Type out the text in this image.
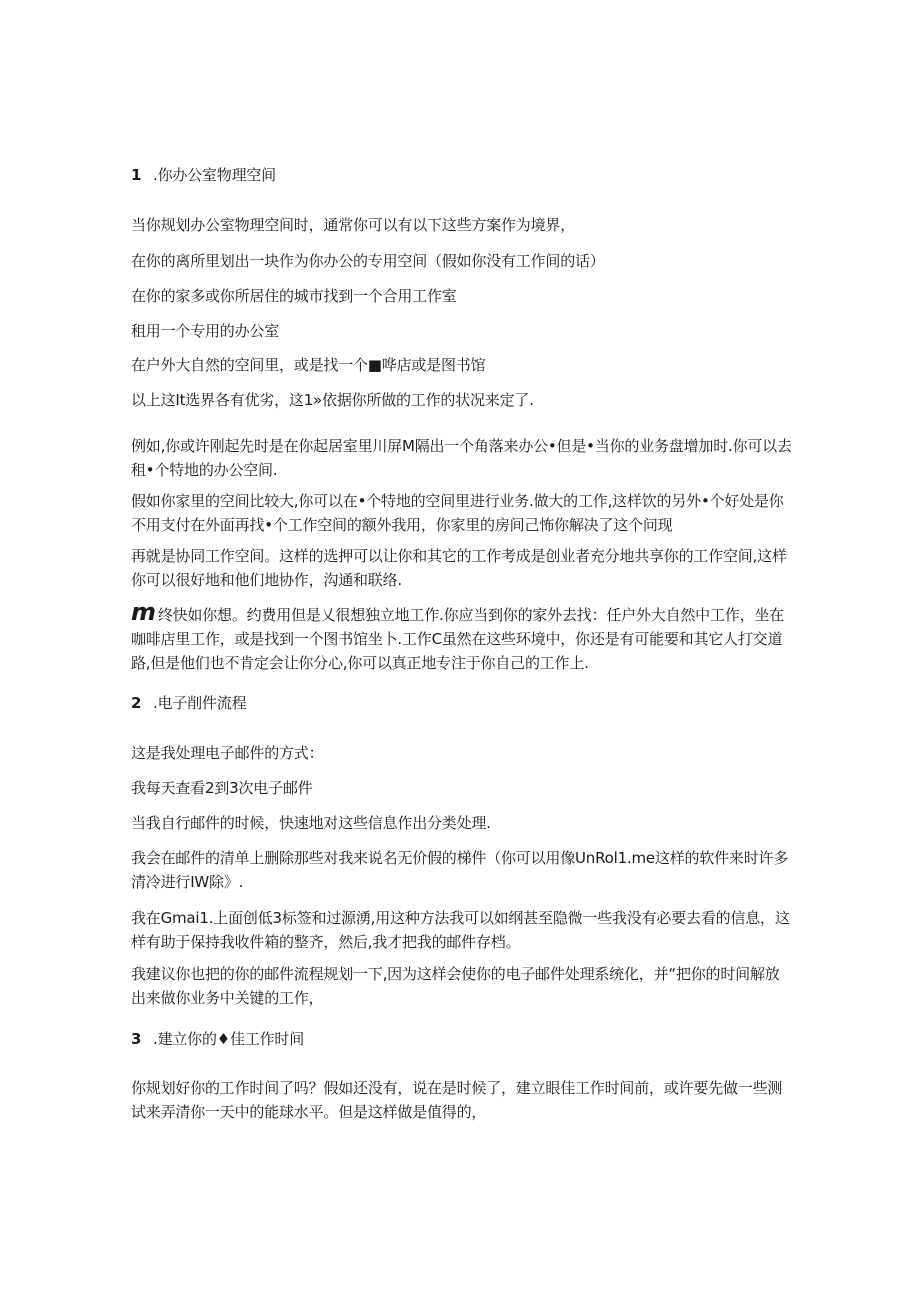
1 .你办公室物理空间
当你规划办公室物理空间时，通常你可以有以下这些方案作为境界，
在你的离所里划出一块作为你办公的专用空间（假如你没有工作间的话）
在你的家多或你所居住的城市找到一个合用工作室
租用一个专用的办公室
在户外大自然的空间里，或是找一个■哗店或是图书馆
以上这It选界各有优劣，这1»依据你所做的工作的状况来定了.
例如,你或许刚起先时是在你起居室里川屏M隔出一个角落来办公•但是•当你的业务盘增加时.你可以去租•个特地的办公空间.
假如你家里的空间比较大,你可以在•个特地的空间里进行业务.做大的工作,这样饮的另外•个好处是你不用支付在外面再找•个工作空间的额外我用，你家里的房间己怖你解决了这个问现
再就是协同工作空间。这样的选押可以让你和其它的工作考成是创业者充分地共享你的工作空间,这样你可以很好地和他们地协作，沟通和联络.
m终快如你想。约费用但是乂很想独立地工作.你应当到你的家外去找：任户外大自然中工作，坐在咖啡店里工作，或是找到一个图书馆坐卜.工作C虽然在这些环境中，你还是有可能要和其它人打交道路,但是他们也不肯定会让你分心,你可以真正地专注于你自己的工作上.
2 .电子削件流程
这是我处理电子邮件的方式：
我每天查看2到3次电子邮件
当我自行邮件的时候，快速地对这些信息作出分类处理.
我会在邮件的清单上删除那些对我来说名无价假的梯件（你可以用像UnRol1.me这样的软件来时许多清冷进行IW除》.
我在Gmai1.上面创低3标签和过源湧,用这种方法我可以如纲甚至隐微一些我没有必要去看的信息，这样有助于保持我收件箱的整齐，然后,我才把我的邮件存档。
我建议你也把的你的邮件流程规划一下,因为这样会使你的电子邮件处理系统化，并“把你的时间解放出来做你业务中关键的工作，
3 .建立你的♦佳工作时间
你规划好你的工作时间了吗？假如还没有，说在是时候了，建立眼佳工作时间前，或许要先做一些测试来弄清你一天中的能球水平。但是这样做是值得的，
